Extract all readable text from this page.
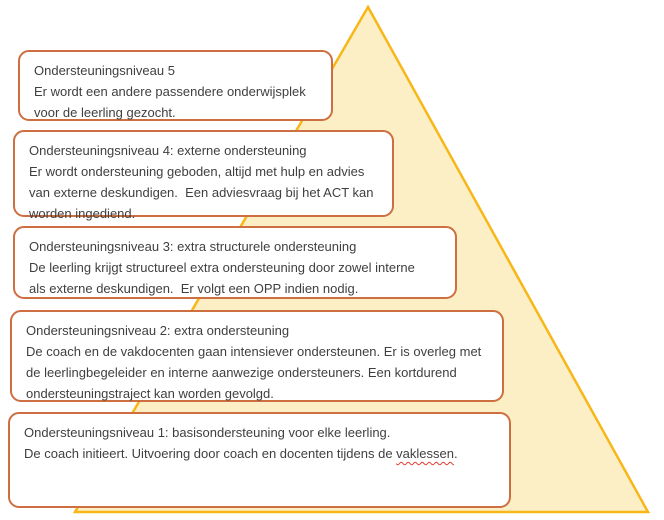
Ondersteuningsniveau 5
Er wordt een andere passendere onderwijsplek
voor de leerling gezocht.
Ondersteuningsniveau 4: externe ondersteuning
Er wordt ondersteuning geboden, altijd met hulp en advies
van externe deskundigen.  Een adviesvraag bij het ACT kan
worden ingediend.
Ondersteuningsniveau 3: extra structurele ondersteuning
De leerling krijgt structureel extra ondersteuning door zowel interne
als externe deskundigen.  Er volgt een OPP indien nodig.
Ondersteuningsniveau 2: extra ondersteuning
De coach en de vakdocenten gaan intensiever ondersteunen. Er is overleg met
de leerlingbegeleider en interne aanwezige ondersteuners. Een kortdurend
ondersteuningstraject kan worden gevolgd.
Ondersteuningsniveau 1: basisondersteuning voor elke leerling.
De coach initieert. Uitvoering door coach en docenten tijdens de vaklessen.
